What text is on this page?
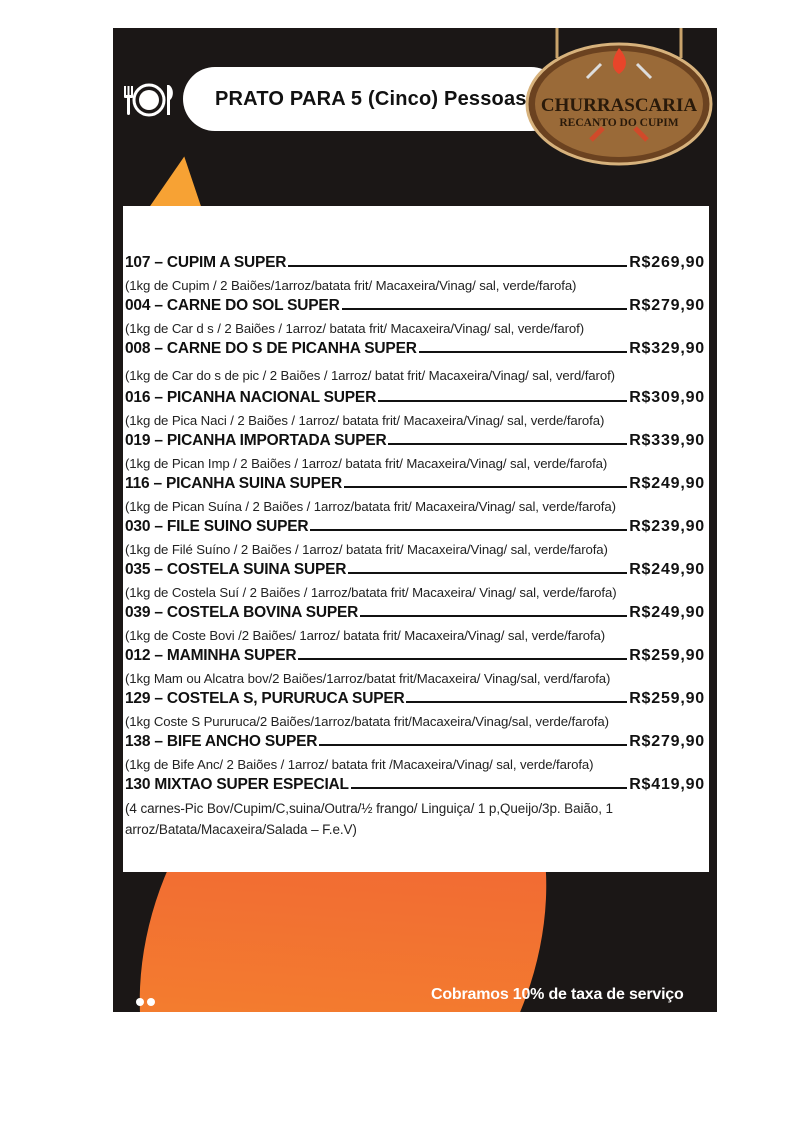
PRATO PARA 5 (Cinco) Pessoas CHURRASCARIA
RECANTO DO CUPIM
107 – CUPIM A SUPER	R$269,90
(1kg de Cupim / 2 Baiões/1arroz/batata frit/ Macaxeira/Vinag/ sal, verde/farofa)
004 – CARNE DO SOL SUPER	R$279,90
(1kg de Car d s / 2 Baiões / 1arroz/ batata frit/ Macaxeira/Vinag/ sal, verde/farof)
008 – CARNE DO S DE PICANHA SUPER	R$329,90
(1kg de Car do s de pic / 2 Baiões / 1arroz/ batat frit/ Macaxeira/Vinag/ sal, verd/farof)
016 – PICANHA NACIONAL SUPER	R$309,90
(1kg de Pica Naci / 2 Baiões / 1arroz/ batata frit/ Macaxeira/Vinag/ sal, verde/farofa)
019 – PICANHA IMPORTADA SUPER	R$339,90
(1kg de Pican Imp / 2 Baiões / 1arroz/ batata frit/ Macaxeira/Vinag/ sal, verde/farofa)
116 – PICANHA SUINA SUPER	R$249,90
(1kg de Pican Suína / 2 Baiões / 1arroz/batata frit/ Macaxeira/Vinag/ sal, verde/farofa)
030 – FILE SUINO SUPER	R$239,90
(1kg de Filé Suíno / 2 Baiões / 1arroz/ batata frit/ Macaxeira/Vinag/ sal, verde/farofa)
035 – COSTELA SUINA SUPER	R$249,90
(1kg de Costela Suí / 2 Baiões / 1arroz/batata frit/ Macaxeira/ Vinag/ sal, verde/farofa)
039 – COSTELA BOVINA SUPER	R$249,90
(1kg de Coste Bovi /2 Baiões/ 1arroz/ batata frit/ Macaxeira/Vinag/ sal, verde/farofa)
012 – MAMINHA SUPER	R$259,90
(1kg Mam ou Alcatra bov/2 Baiões/1arroz/batat frit/Macaxeira/ Vinag/sal, verd/farofa)
129 – COSTELA S, PURURUCA SUPER	R$259,90
(1kg Coste S Pururuca/2 Baiões/1arroz/batata frit/Macaxeira/Vinag/sal, verde/farofa)
138 – BIFE ANCHO SUPER	R$279,90
(1kg de Bife Anc/ 2 Baiões / 1arroz/ batata frit /Macaxeira/Vinag/ sal, verde/farofa)
130 MIXTAO SUPER ESPECIAL	R$419,90
(4 carnes-Pic Bov/Cupim/C,suina/Outra/½ frango/ Linguiça/ 1 p,Queijo/3p. Baião, 1 arroz/Batata/Macaxeira/Salada – F.e.V)
Cobramos 10% de taxa de serviço
